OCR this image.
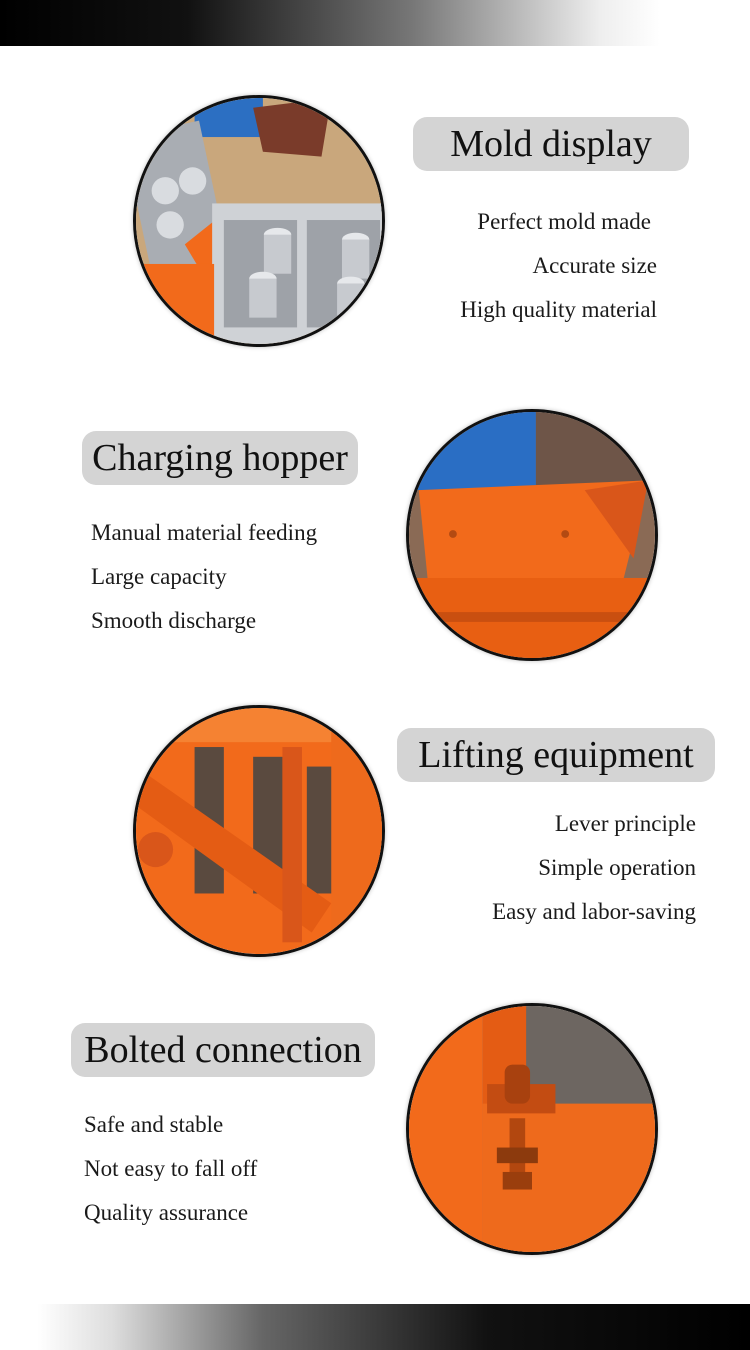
Mold display
Perfect mold made
Accurate size
High quality material
Charging hopper
Manual material feeding
Large capacity
Smooth discharge
Lifting equipment
Lever principle
Simple operation
Easy and labor-saving
Bolted connection
Safe and stable
Not easy to fall off
Quality assurance
